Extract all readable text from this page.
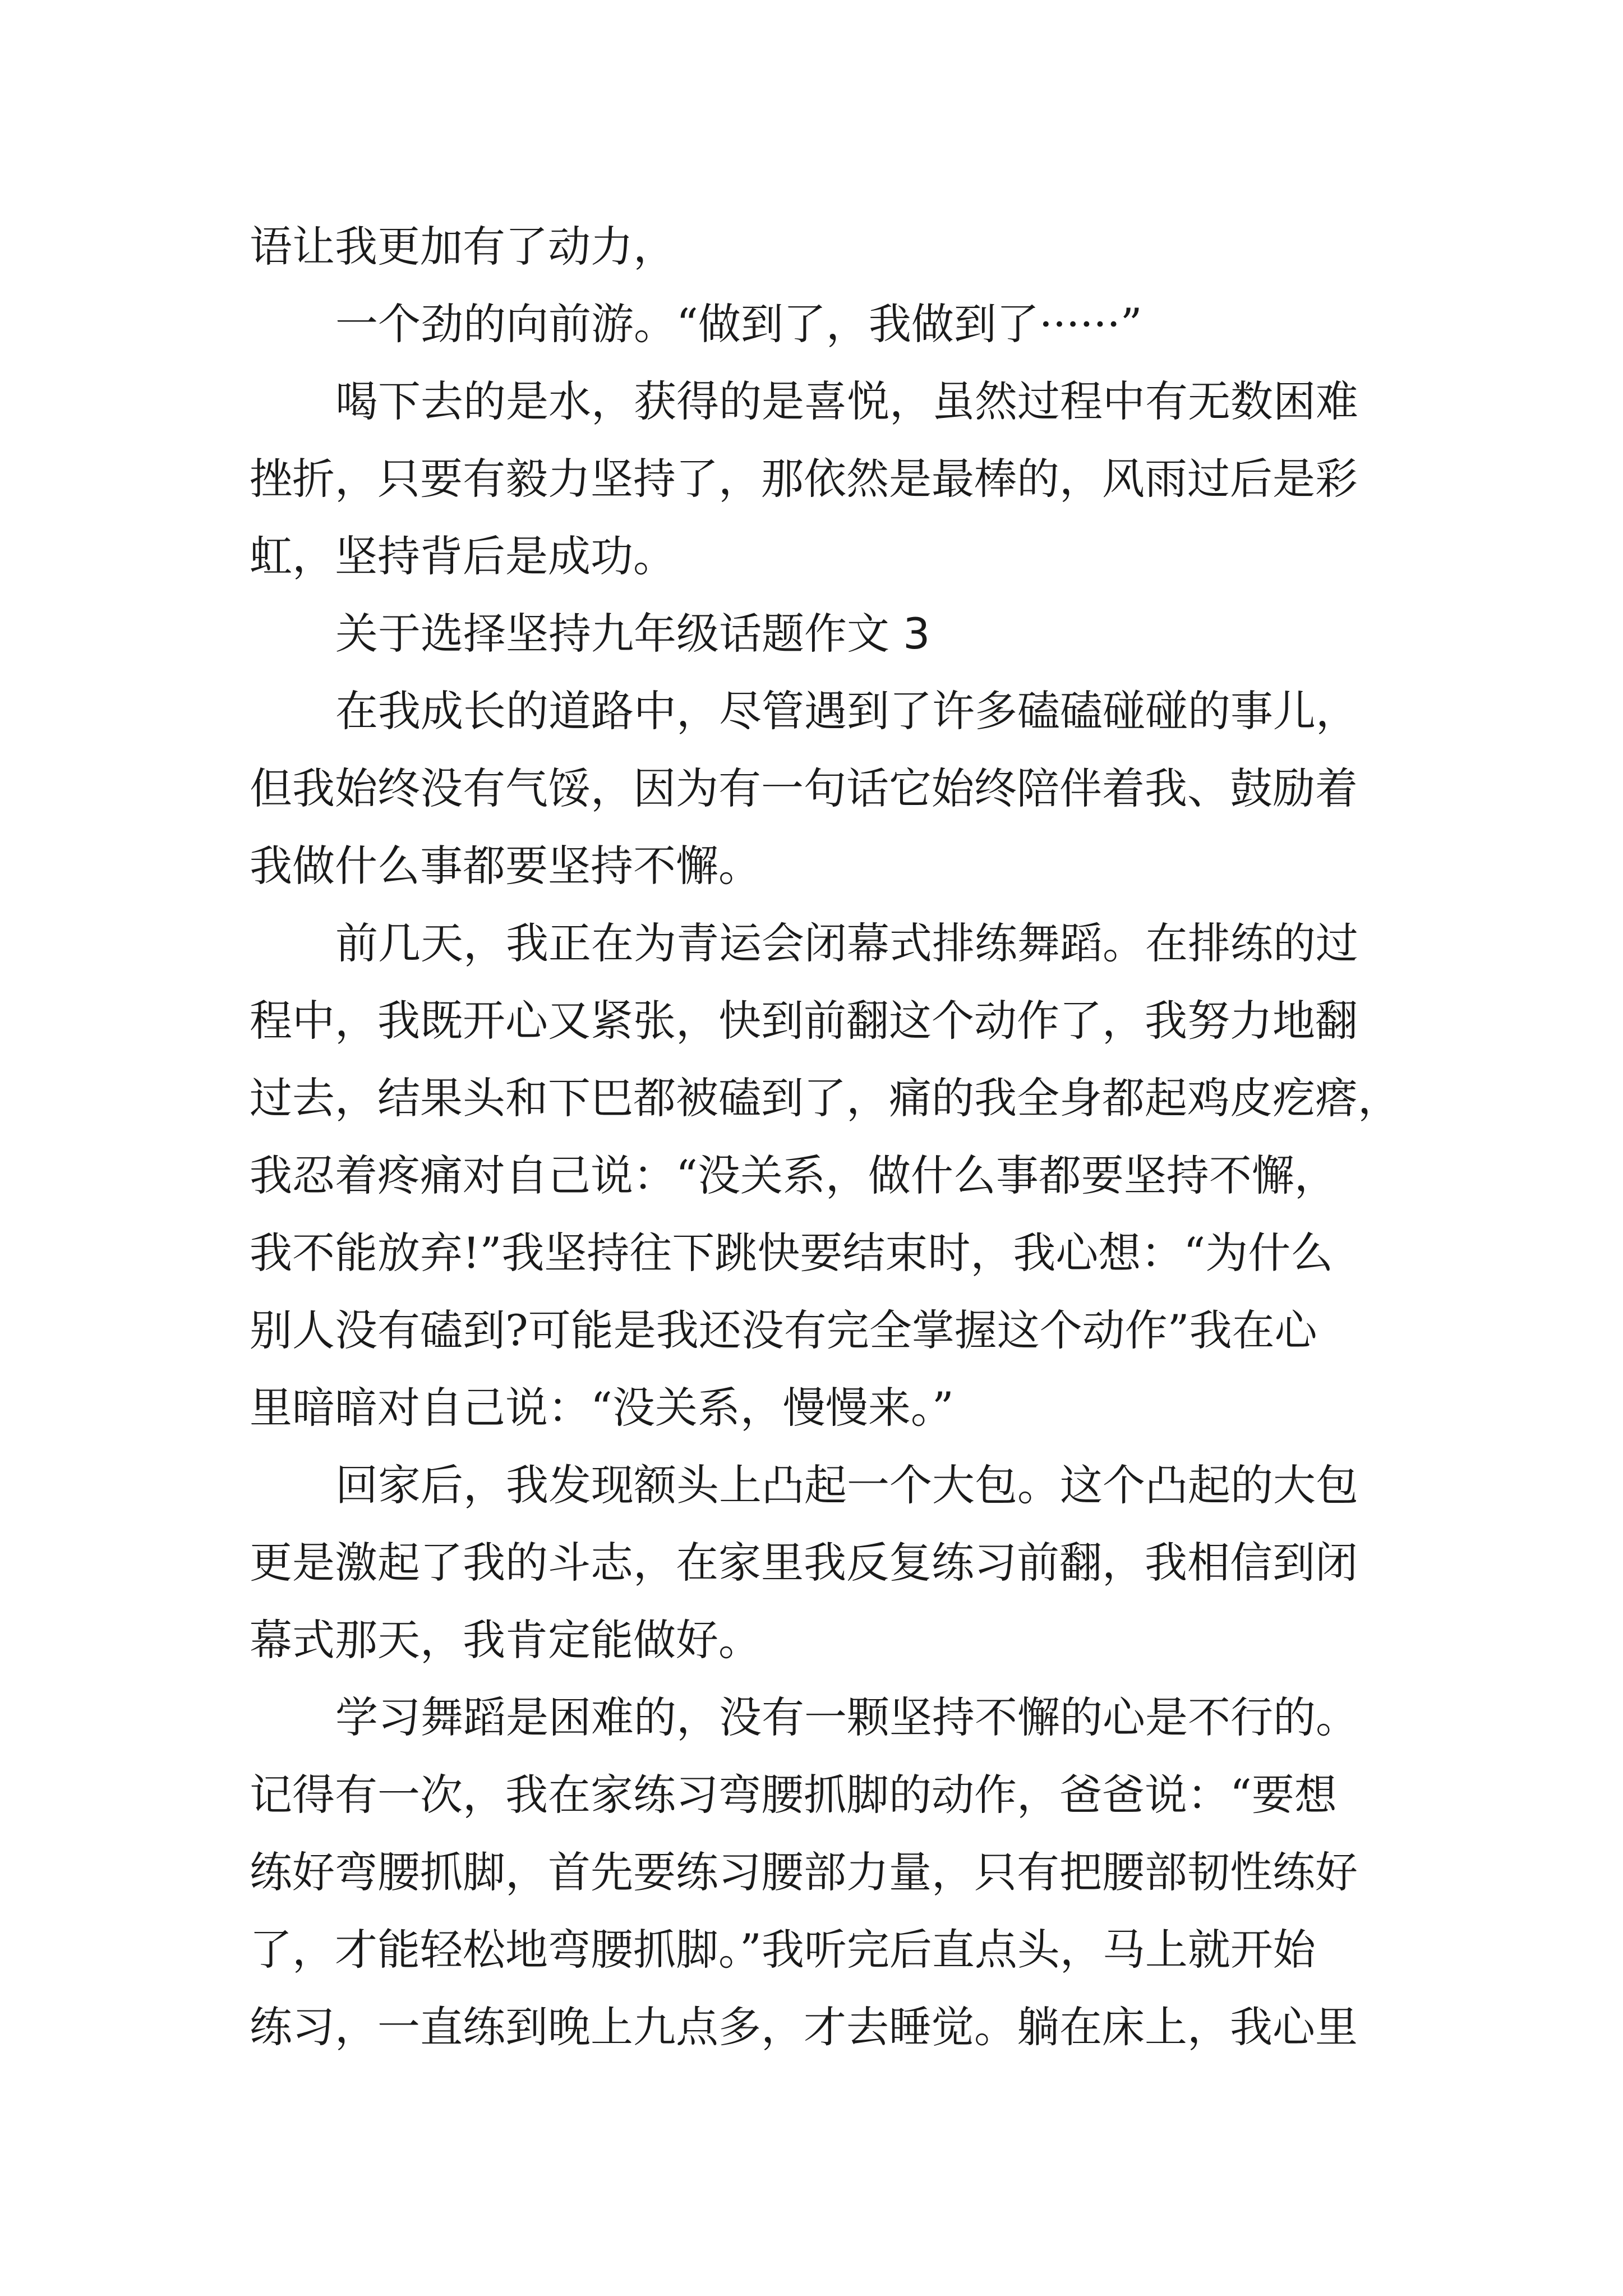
语让我更加有了动力，
一个劲的向前游。“做到了，我做到了······”
喝下去的是水，获得的是喜悦，虽然过程中有无数困难
挫折，只要有毅力坚持了，那依然是最棒的，风雨过后是彩
虹，坚持背后是成功。
关于选择坚持九年级话题作文 3
在我成长的道路中，尽管遇到了许多磕磕碰碰的事儿，
但我始终没有气馁，因为有一句话它始终陪伴着我、鼓励着
我做什么事都要坚持不懈。
前几天，我正在为青运会闭幕式排练舞蹈。在排练的过
程中，我既开心又紧张，快到前翻这个动作了，我努力地翻
过去，结果头和下巴都被磕到了，痛的我全身都起鸡皮疙瘩，
我忍着疼痛对自己说：“没关系，做什么事都要坚持不懈，
我不能放弃!”我坚持往下跳快要结束时，我心想：“为什么
别人没有磕到?可能是我还没有完全掌握这个动作”我在心
里暗暗对自己说：“没关系，慢慢来。”
回家后，我发现额头上凸起一个大包。这个凸起的大包
更是激起了我的斗志，在家里我反复练习前翻，我相信到闭
幕式那天，我肯定能做好。
学习舞蹈是困难的，没有一颗坚持不懈的心是不行的。
记得有一次，我在家练习弯腰抓脚的动作，爸爸说：“要想
练好弯腰抓脚，首先要练习腰部力量，只有把腰部韧性练好
了，才能轻松地弯腰抓脚。”我听完后直点头，马上就开始
练习，一直练到晚上九点多，才去睡觉。躺在床上，我心里
